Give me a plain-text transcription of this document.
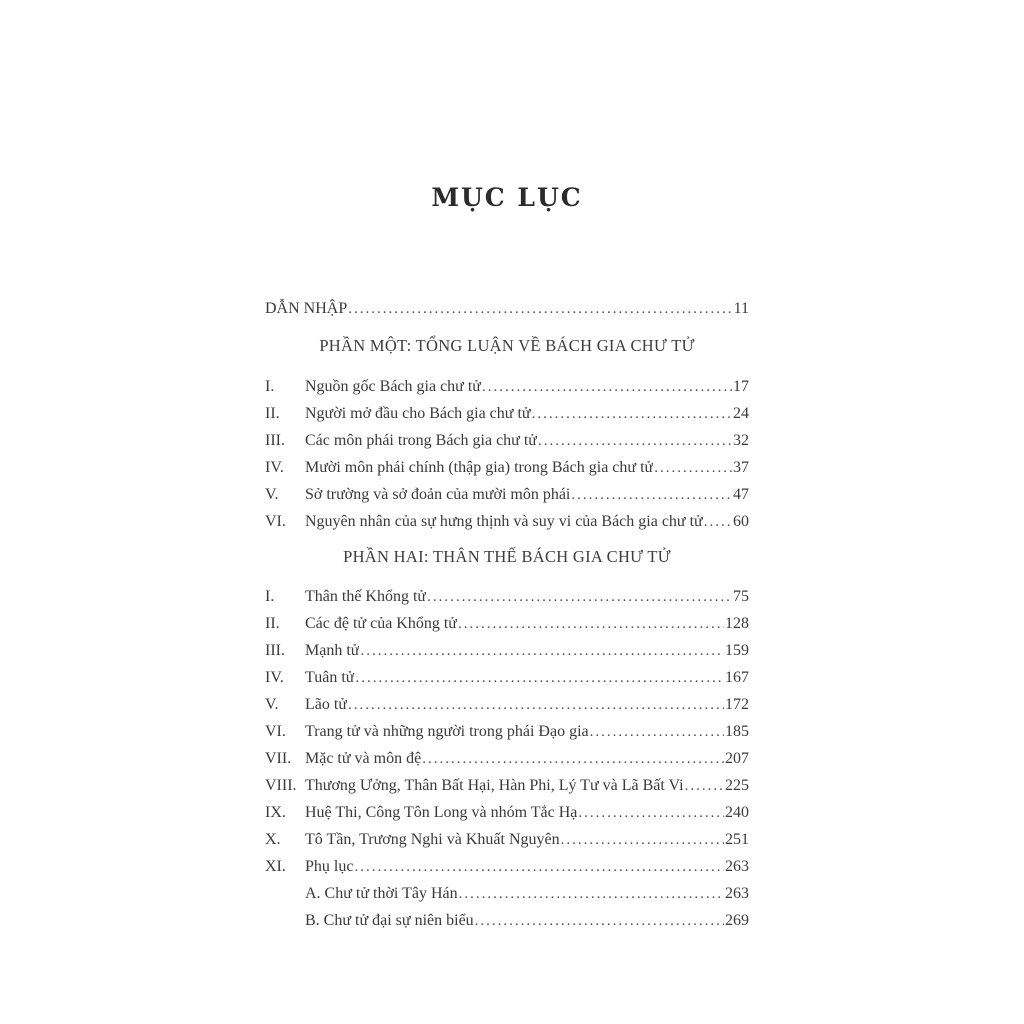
MỤC LỤC
DẪN NHẬP .....	11
PHẦN MỘT: TỔNG LUẬN VỀ BÁCH GIA CHƯ TỬ
I.	Nguồn gốc Bách gia chư tử .....	17
II.	Người mở đầu cho Bách gia chư tử .....	24
III.	Các môn phái trong Bách gia chư tử .....	32
IV.	Mười môn phái chính (thập gia) trong Bách gia chư tử .....	37
V.	Sở trường và sở đoản của mười môn phái .....	47
VI.	Nguyên nhân của sự hưng thịnh và suy vi của Bách gia chư tử ..... 60
PHẦN HAI: THÂN THẾ BÁCH GIA CHƯ TỬ
I.	Thân thế Khổng tử .....	75
II.	Các đệ tử của Khổng tử .....	128
III.	Mạnh tử .....	159
IV.	Tuân tử .....	167
V.	Lão tử .....	172
VI.	Trang tử và những người trong phái Đạo gia .....	185
VII. Mặc tử và môn đệ .....	207
VIII. Thương Ưởng, Thân Bất Hại, Hàn Phi, Lý Tư và Lã Bất Vi .....	225
IX.	Huệ Thi, Công Tôn Long và nhóm Tắc Hạ .....	240
X.	Tô Tần, Trương Nghi và Khuất Nguyên .....	251
XI.	Phụ lục .....	263
A. Chư tử thời Tây Hán .....	263
B. Chư tử đại sự niên biểu .....	269
